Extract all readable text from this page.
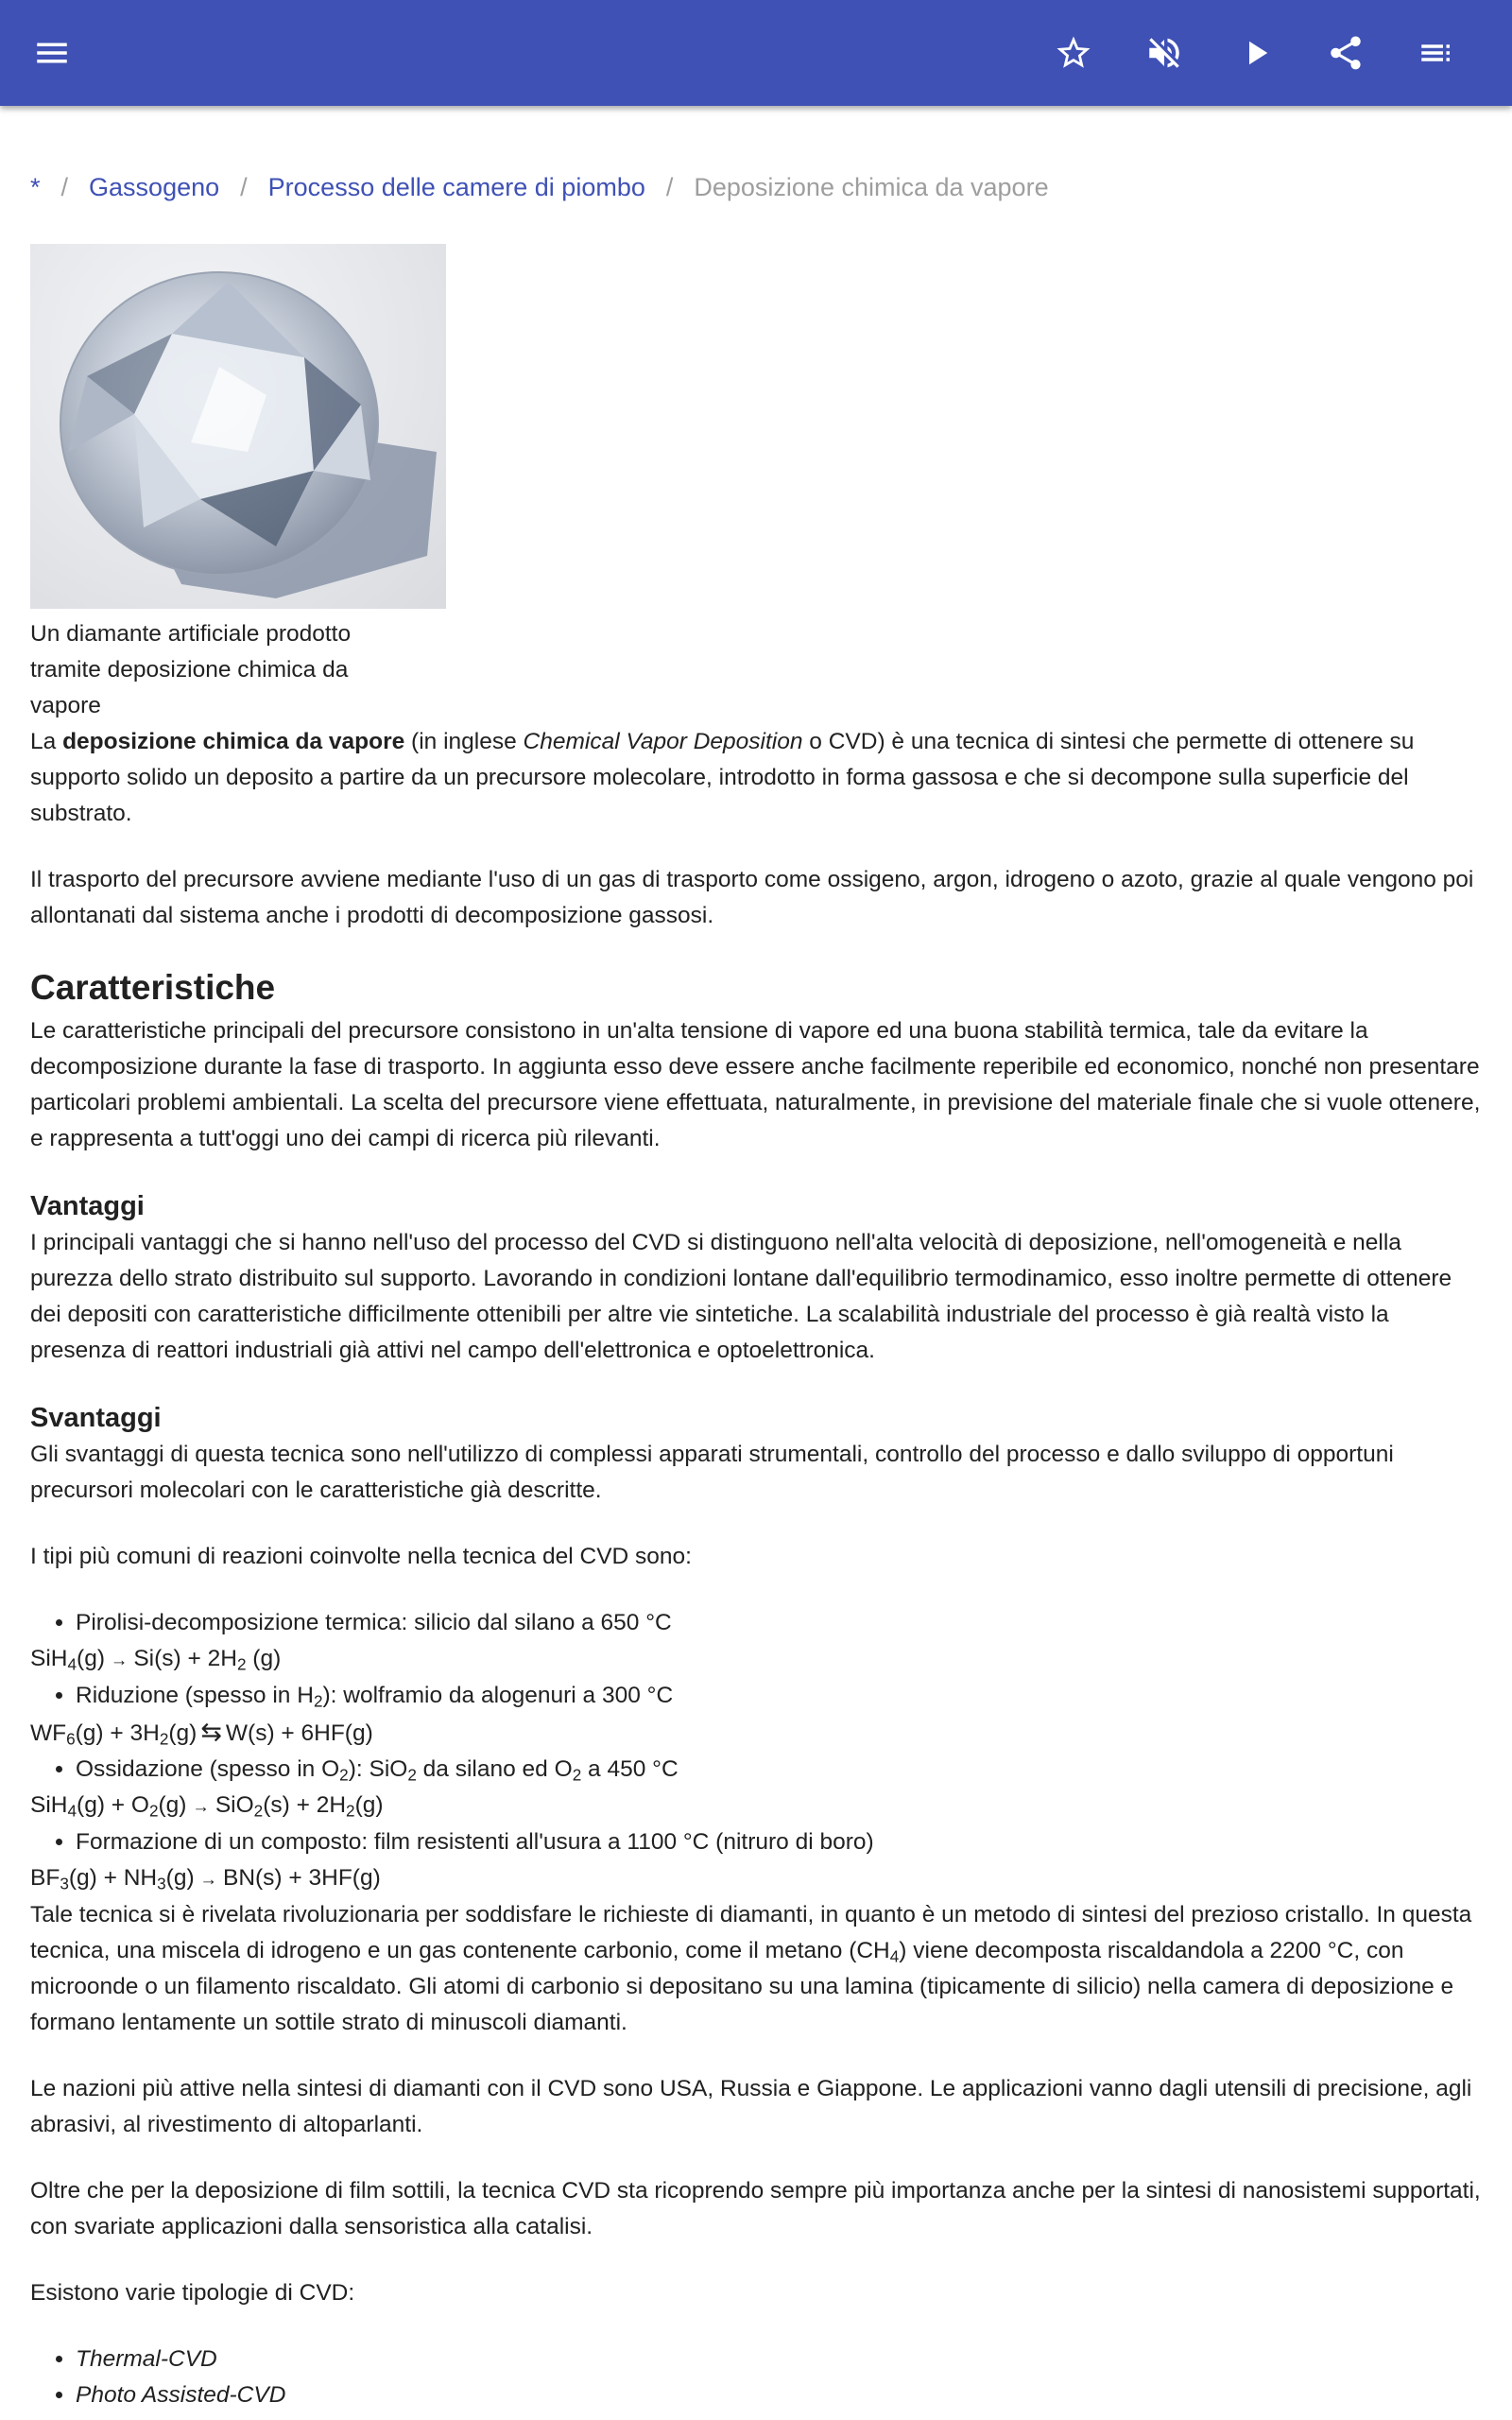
* / Gassogeno / Processo delle camere di piombo / Deposizione chimica da vapore
Un diamante artificiale prodotto tramite deposizione chimica da vapore

La deposizione chimica da vapore (in inglese Chemical Vapor Deposition o CVD) è una tecnica di sintesi che permette di ottenere su supporto solido un deposito a partire da un precursore molecolare, introdotto in forma gassosa e che si decompone sulla superficie del substrato.

Il trasporto del precursore avviene mediante l'uso di un gas di trasporto come ossigeno, argon, idrogeno o azoto, grazie al quale vengono poi allontanati dal sistema anche i prodotti di decomposizione gassosi.

Caratteristiche

Le caratteristiche principali del precursore consistono in un'alta tensione di vapore ed una buona stabilità termica, tale da evitare la decomposizione durante la fase di trasporto. In aggiunta esso deve essere anche facilmente reperibile ed economico, nonché non presentare particolari problemi ambientali. La scelta del precursore viene effettuata, naturalmente, in previsione del materiale finale che si vuole ottenere, e rappresenta a tutt'oggi uno dei campi di ricerca più rilevanti.

Vantaggi

I principali vantaggi che si hanno nell'uso del processo del CVD si distinguono nell'alta velocità di deposizione, nell'omogeneità e nella purezza dello strato distribuito sul supporto. Lavorando in condizioni lontane dall'equilibrio termodinamico, esso inoltre permette di ottenere dei depositi con caratteristiche difficilmente ottenibili per altre vie sintetiche. La scalabilità industriale del processo è già realtà visto la presenza di reattori industriali già attivi nel campo dell'elettronica e optoelettronica.

Svantaggi

Gli svantaggi di questa tecnica sono nell'utilizzo di complessi apparati strumentali, controllo del processo e dallo sviluppo di opportuni precursori molecolari con le caratteristiche già descritte.

I tipi più comuni di reazioni coinvolte nella tecnica del CVD sono:

• Pirolisi-decomposizione termica: silicio dal silano a 650 °C
$SiH_4(g) \to Si(s) + 2H_2$ (g)
• Riduzione (spesso in $H_2$): wolframio da alogenuri a 300 °C
$WF_6(g) + 3H_2(g)$ ⇆ W(s) + 6HF(g)
• Ossidazione (spesso in $O_2$): SiO$_2$ da silano ed $O_2$ a 450 °C
$SiH_4(g) + O_2(g) \to SiO_2(s) + 2H_2(g)$
• Formazione di un composto: film resistenti all'usura a 1100 °C (nitruro di boro)
$BF_3(g) + NH_3(g) \to BN(s) + 3HF(g)$

Tale tecnica si è rivelata rivoluzionaria per soddisfare le richieste di diamanti, in quanto è un metodo di sintesi del prezioso cristallo. In questa tecnica, una miscela di idrogeno e un gas contenente carbonio, come il metano $(CH_4)$ viene decomposta riscaldandola a 2200 °C, con microonde o un filamento riscaldato. Gli atomi di carbonio si depositano su una lamina (tipicamente di silicio) nella camera di deposizione e formano lentamente un sottile strato di minuscoli diamanti.

Le nazioni più attive nella sintesi di diamanti con il CVD sono USA, Russia e Giappone. Le applicazioni vanno dagli utensili di precisione, agli abrasivi, al rivestimento di altoparlanti.

Oltre che per la deposizione di film sottili, la tecnica CVD sta ricoprendo sempre più importanza anche per la sintesi di nanosistemi supportati, con svariate applicazioni dalla sensoristica alla catalisi.

Esistono varie tipologie di CVD:

• Thermal-CVD
• Photo Assisted-CVD
